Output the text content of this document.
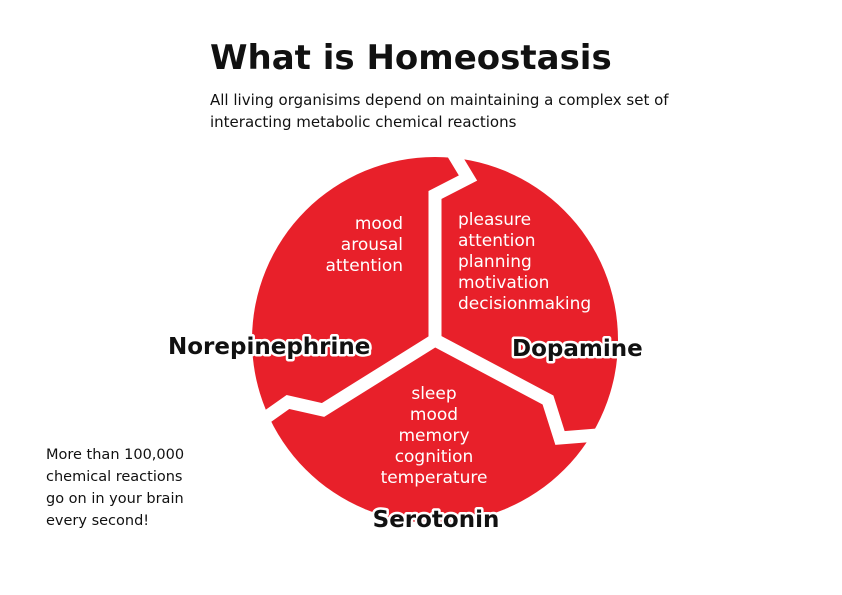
What is Homeostasis

All living organisims depend on maintaining a complex set of interacting metabolic chemical reactions

mood
arousal
attention
Norepinephrine
pleasure
attention
planning
motivation
decisionmaking
Dopamine
sleep
mood
memory
cognition
temperature
Serotonin

More than 100,000
chemical reactions
go on in your brain
every second!
